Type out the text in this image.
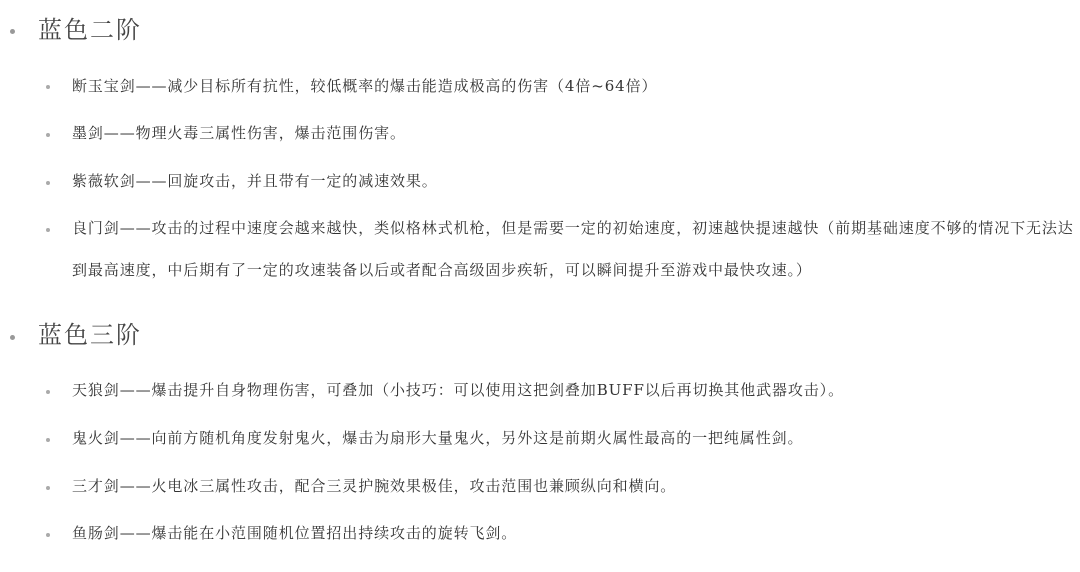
蓝色二阶
断玉宝剑——减少目标所有抗性，较低概率的爆击能造成极高的伤害（4倍~64倍）
墨剑——物理火毒三属性伤害，爆击范围伤害。
紫薇软剑——回旋攻击，并且带有一定的减速效果。
良门剑——攻击的过程中速度会越来越快，类似格林式机枪，但是需要一定的初始速度，初速越快提速越快（前期基础速度不够的情况下无法达到最高速度，中后期有了一定的攻速装备以后或者配合高级固步疾斩，可以瞬间提升至游戏中最快攻速。）
蓝色三阶
天狼剑——爆击提升自身物理伤害，可叠加（小技巧：可以使用这把剑叠加BUFF以后再切换其他武器攻击）。
鬼火剑——向前方随机角度发射鬼火，爆击为扇形大量鬼火，另外这是前期火属性最高的一把纯属性剑。
三才剑——火电冰三属性攻击，配合三灵护腕效果极佳，攻击范围也兼顾纵向和横向。
鱼肠剑——爆击能在小范围随机位置招出持续攻击的旋转飞剑。
